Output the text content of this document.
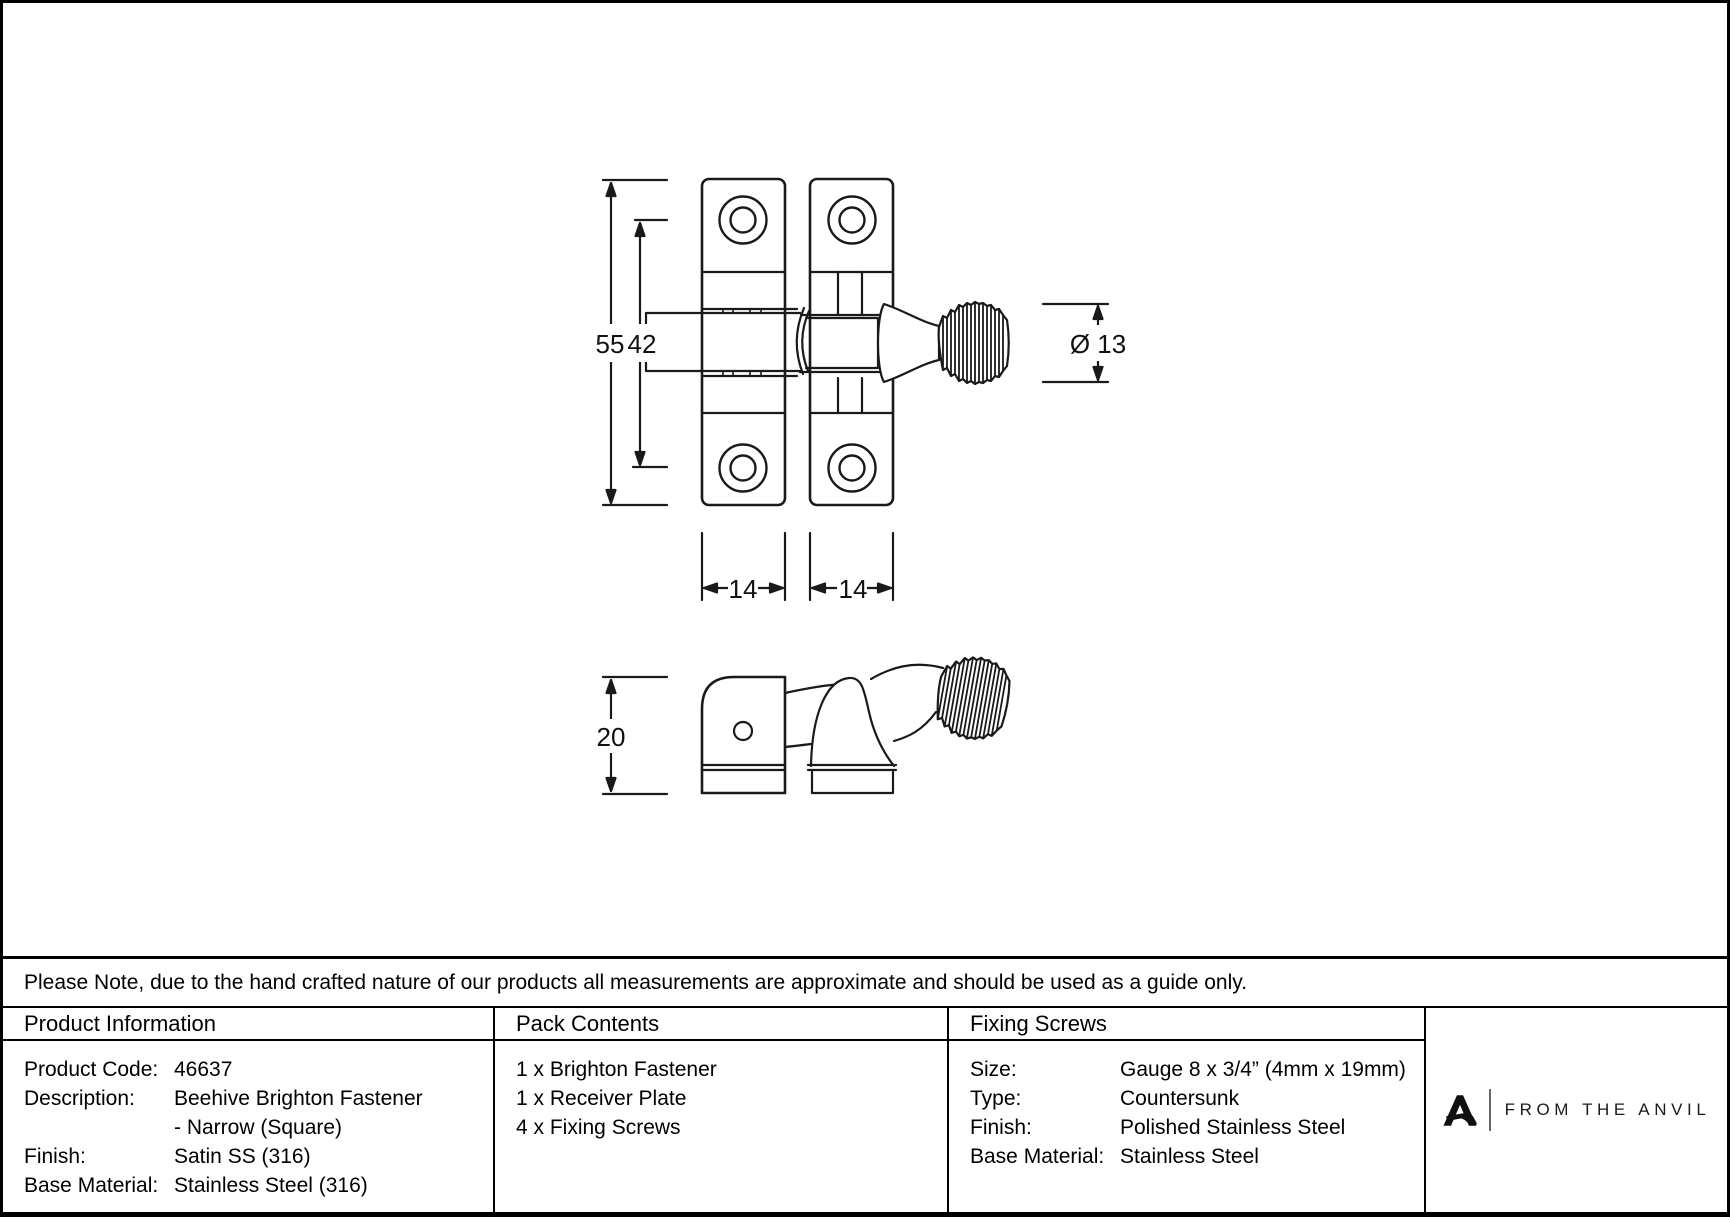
55 42
14	14
Ø 13
20
Please Note, due to the hand crafted nature of our products all measurements are approximate and should be used as a guide only.
Product Information
Product Code: 46637
Description:	Beehive Brighton Fastener
- Narrow (Square)
Finish:	Satin SS (316)
Base Material: Stainless Steel (316)
Pack Contents
1 x Brighton Fastener
1 x Receiver Plate
4 x Fixing Screws
Fixing Screws
Size:	Gauge 8 x 3/4” (4mm x 19mm)
Type:	Countersunk
Finish:	Polished Stainless Steel
Base Material: Stainless Steel
FROM THE ANVIL
